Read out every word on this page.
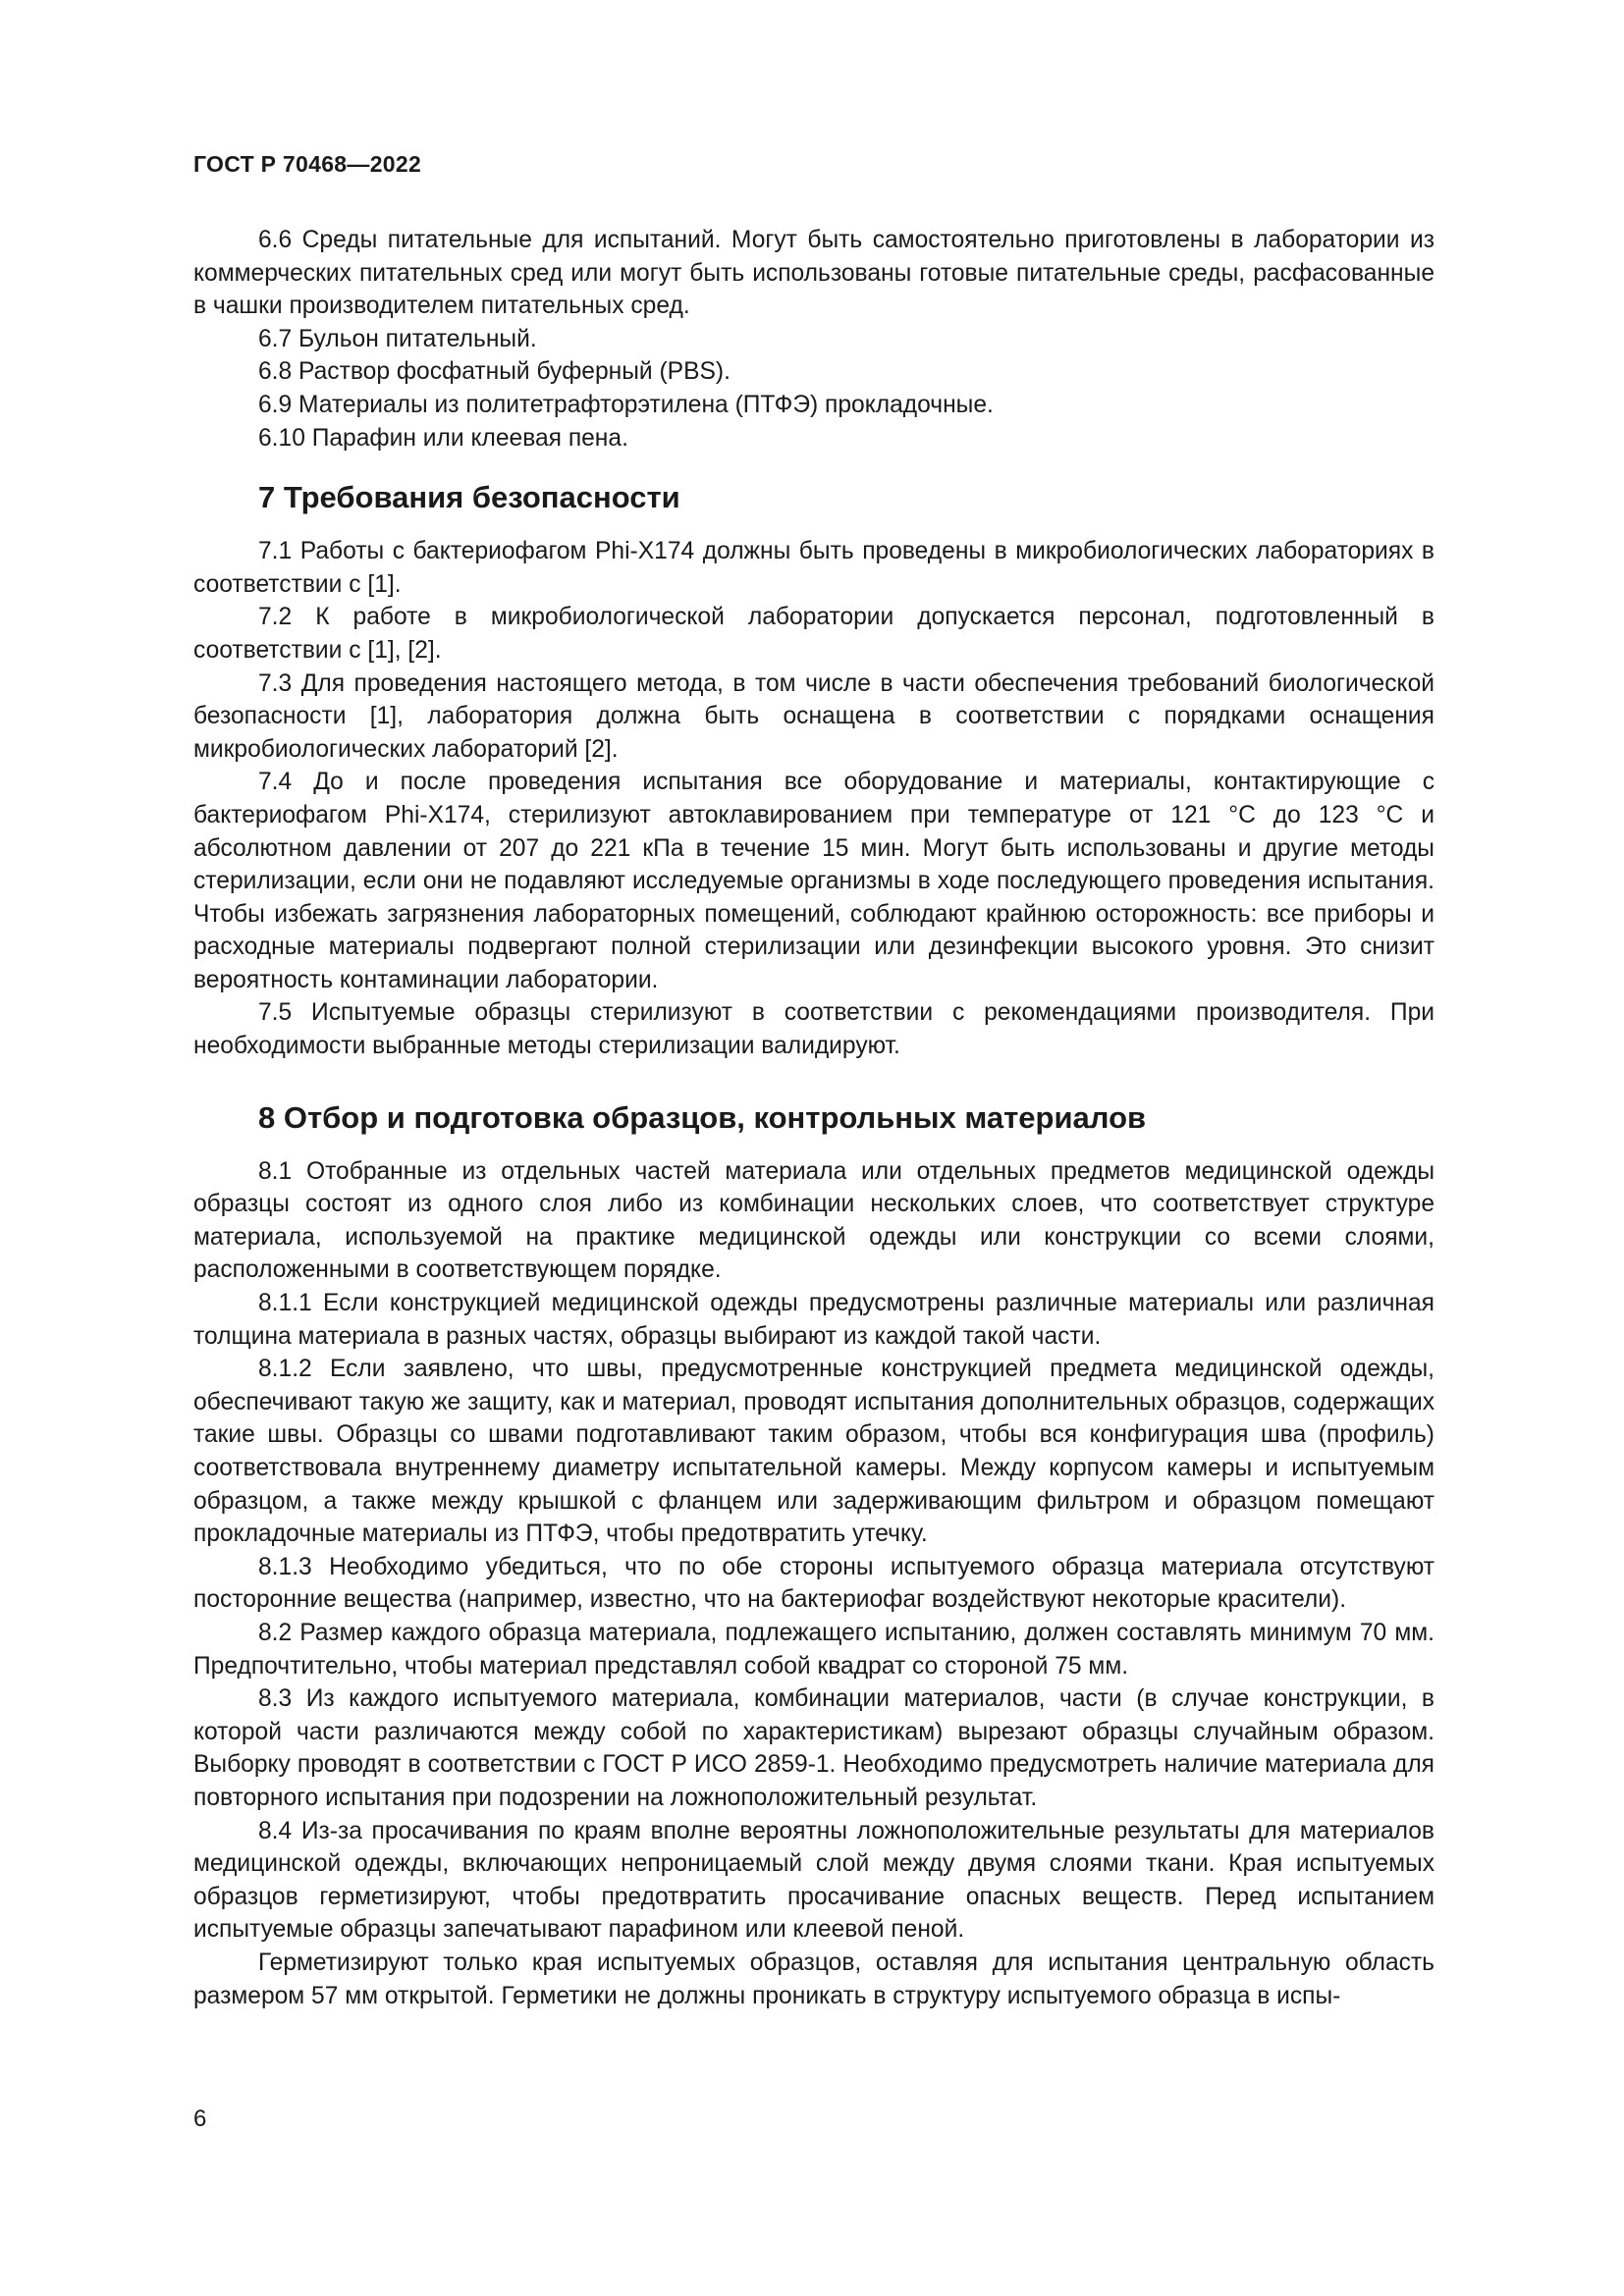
ГОСТ Р 70468—2022

6.6 Среды питательные для испытаний. Могут быть самостоятельно приготовлены в лаборатории из коммерческих питательных сред или могут быть использованы готовые питательные среды, расфасованные в чашки производителем питательных сред.

6.7 Бульон питательный.

6.8 Раствор фосфатный буферный (PBS).

6.9 Материалы из политетрафторэтилена (ПТФЭ) прокладочные.

6.10 Парафин или клеевая пена.

7 Требования безопасности

7.1 Работы с бактериофагом Phi-X174 должны быть проведены в микробиологических лабораториях в соответствии с [1].

7.2 К работе в микробиологической лаборатории допускается персонал, подготовленный в соответствии с [1], [2].

7.3 Для проведения настоящего метода, в том числе в части обеспечения требований биологической безопасности [1], лаборатория должна быть оснащена в соответствии с порядками оснащения микробиологических лабораторий [2].

7.4 До и после проведения испытания все оборудование и материалы, контактирующие с бактериофагом Phi-X174, стерилизуют автоклавированием при температуре от 121 °С до 123 °С и абсолютном давлении от 207 до 221 кПа в течение 15 мин. Могут быть использованы и другие методы стерилизации, если они не подавляют исследуемые организмы в ходе последующего проведения испытания. Чтобы избежать загрязнения лабораторных помещений, соблюдают крайнюю осторожность: все приборы и расходные материалы подвергают полной стерилизации или дезинфекции высокого уровня. Это снизит вероятность контаминации лаборатории.

7.5 Испытуемые образцы стерилизуют в соответствии с рекомендациями производителя. При необходимости выбранные методы стерилизации валидируют.

8 Отбор и подготовка образцов, контрольных материалов

8.1 Отобранные из отдельных частей материала или отдельных предметов медицинской одежды образцы состоят из одного слоя либо из комбинации нескольких слоев, что соответствует структуре материала, используемой на практике медицинской одежды или конструкции со всеми слоями, расположенными в соответствующем порядке.

8.1.1 Если конструкцией медицинской одежды предусмотрены различные материалы или различная толщина материала в разных частях, образцы выбирают из каждой такой части.

8.1.2 Если заявлено, что швы, предусмотренные конструкцией предмета медицинской одежды, обеспечивают такую же защиту, как и материал, проводят испытания дополнительных образцов, содержащих такие швы. Образцы со швами подготавливают таким образом, чтобы вся конфигурация шва (профиль) соответствовала внутреннему диаметру испытательной камеры. Между корпусом камеры и испытуемым образцом, а также между крышкой с фланцем или задерживающим фильтром и образцом помещают прокладочные материалы из ПТФЭ, чтобы предотвратить утечку.

8.1.3 Необходимо убедиться, что по обе стороны испытуемого образца материала отсутствуют посторонние вещества (например, известно, что на бактериофаг воздействуют некоторые красители).

8.2 Размер каждого образца материала, подлежащего испытанию, должен составлять минимум 70 мм. Предпочтительно, чтобы материал представлял собой квадрат со стороной 75 мм.

8.3 Из каждого испытуемого материала, комбинации материалов, части (в случае конструкции, в которой части различаются между собой по характеристикам) вырезают образцы случайным образом. Выборку проводят в соответствии с ГОСТ Р ИСО 2859-1. Необходимо предусмотреть наличие материала для повторного испытания при подозрении на ложноположительный результат.

8.4 Из-за просачивания по краям вполне вероятны ложноположительные результаты для материалов медицинской одежды, включающих непроницаемый слой между двумя слоями ткани. Края испытуемых образцов герметизируют, чтобы предотвратить просачивание опасных веществ. Перед испытанием испытуемые образцы запечатывают парафином или клеевой пеной.

Герметизируют только края испытуемых образцов, оставляя для испытания центральную область размером 57 мм открытой. Герметики не должны проникать в структуру испытуемого образца в испы-

6
